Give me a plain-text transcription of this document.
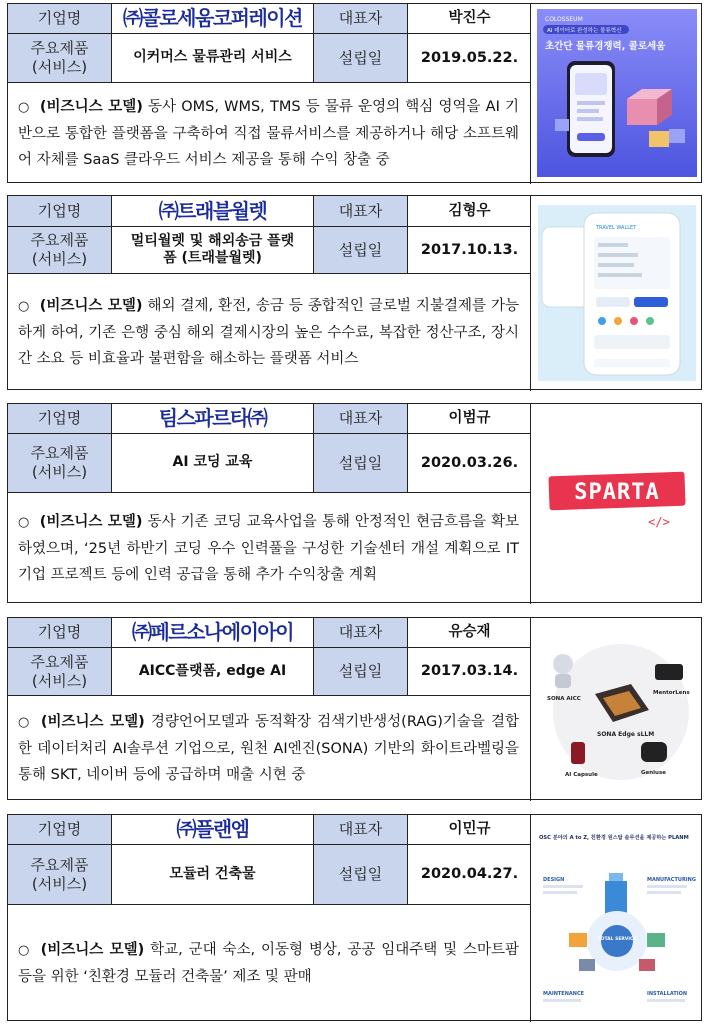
기업명	㈜콜로세움코퍼레이션	대표자	박진수
주요제품
(서비스)
이커머스 물류관리 서비스	설립일	2019.05.22.

○ (비즈니스 모델) 동사 OMS, WMS, TMS 등 물류 운영의 핵심 영역을 AI 기반으로 통합한 플랫폼을 구축하여 직접 물류서비스를 제공하거나 해당 소프트웨어 자체를 SaaS 클라우드 서비스 제공을 통해 수익 창출 중

COLOSSEUM
AI 데이터로 완성하는 물류혁신
초간단 물류경쟁력, 콜로세움
기업명	㈜트래블월렛	대표자	김형우
주요제품
(서비스)
멀티월렛 및 해외송금 플랫폼 (트래블월렛)	설립일	2017.10.13.

○ (비즈니스 모델) 해외 결제, 환전, 송금 등 종합적인 글로벌 지불결제를 가능하게 하여, 기존 은행 중심 해외 결제시장의 높은 수수료, 복잡한 정산구조, 장시간 소요 등 비효율과 불편함을 해소하는 플랫폼 서비스

TRAVEL WALLET
기업명	팀스파르타㈜	대표자	이범규
주요제품
(서비스)
AI 코딩 교육	설립일	2020.03.26.

○ (비즈니스 모델) 동사 기존 코딩 교육사업을 통해 안정적인 현금흐름을 확보하였으며, ‘25년 하반기 코딩 우수 인력풀을 구성한 기술센터 개설 계획으로 IT기업 프로젝트 등에 인력 공급을 통해 추가 수익창출 계획

SPARTA
</>
기업명	㈜페르소나에이아이	대표자	유승재
주요제품
(서비스)
AICC플랫폼, edge AI	설립일	2017.03.14.

○ (비즈니스 모델) 경량언어모델과 동적확장 검색기반생성(RAG)기술을 결합한 데이터처리 AI솔루션 기업으로, 원천 AI엔진(SONA) 기반의 화이트라벨링을 통해 SKT, 네이버 등에 공급하며 매출 시현 중

SONA AICC
MentorLens
SONA Edge sLLM
AI Capsule	Geniuse
기업명	㈜플랜엠	대표자	이민규
주요제품
(서비스)
모듈러 건축물	설립일	2020.04.27.

○ (비즈니스 모델) 학교, 군대 숙소, 이동형 병상, 공공 임대주택 및 스마트팜 등을 위한 ‘친환경 모듈러 건축물’ 제조 및 판매

OSC 분야의 A to Z, 친환경 원스탑 솔루션을 제공하는 PLANM
DESIGN	MANUFACTURING
TOTAL SERVICE
MAINTENANCE	INSTALLATION
